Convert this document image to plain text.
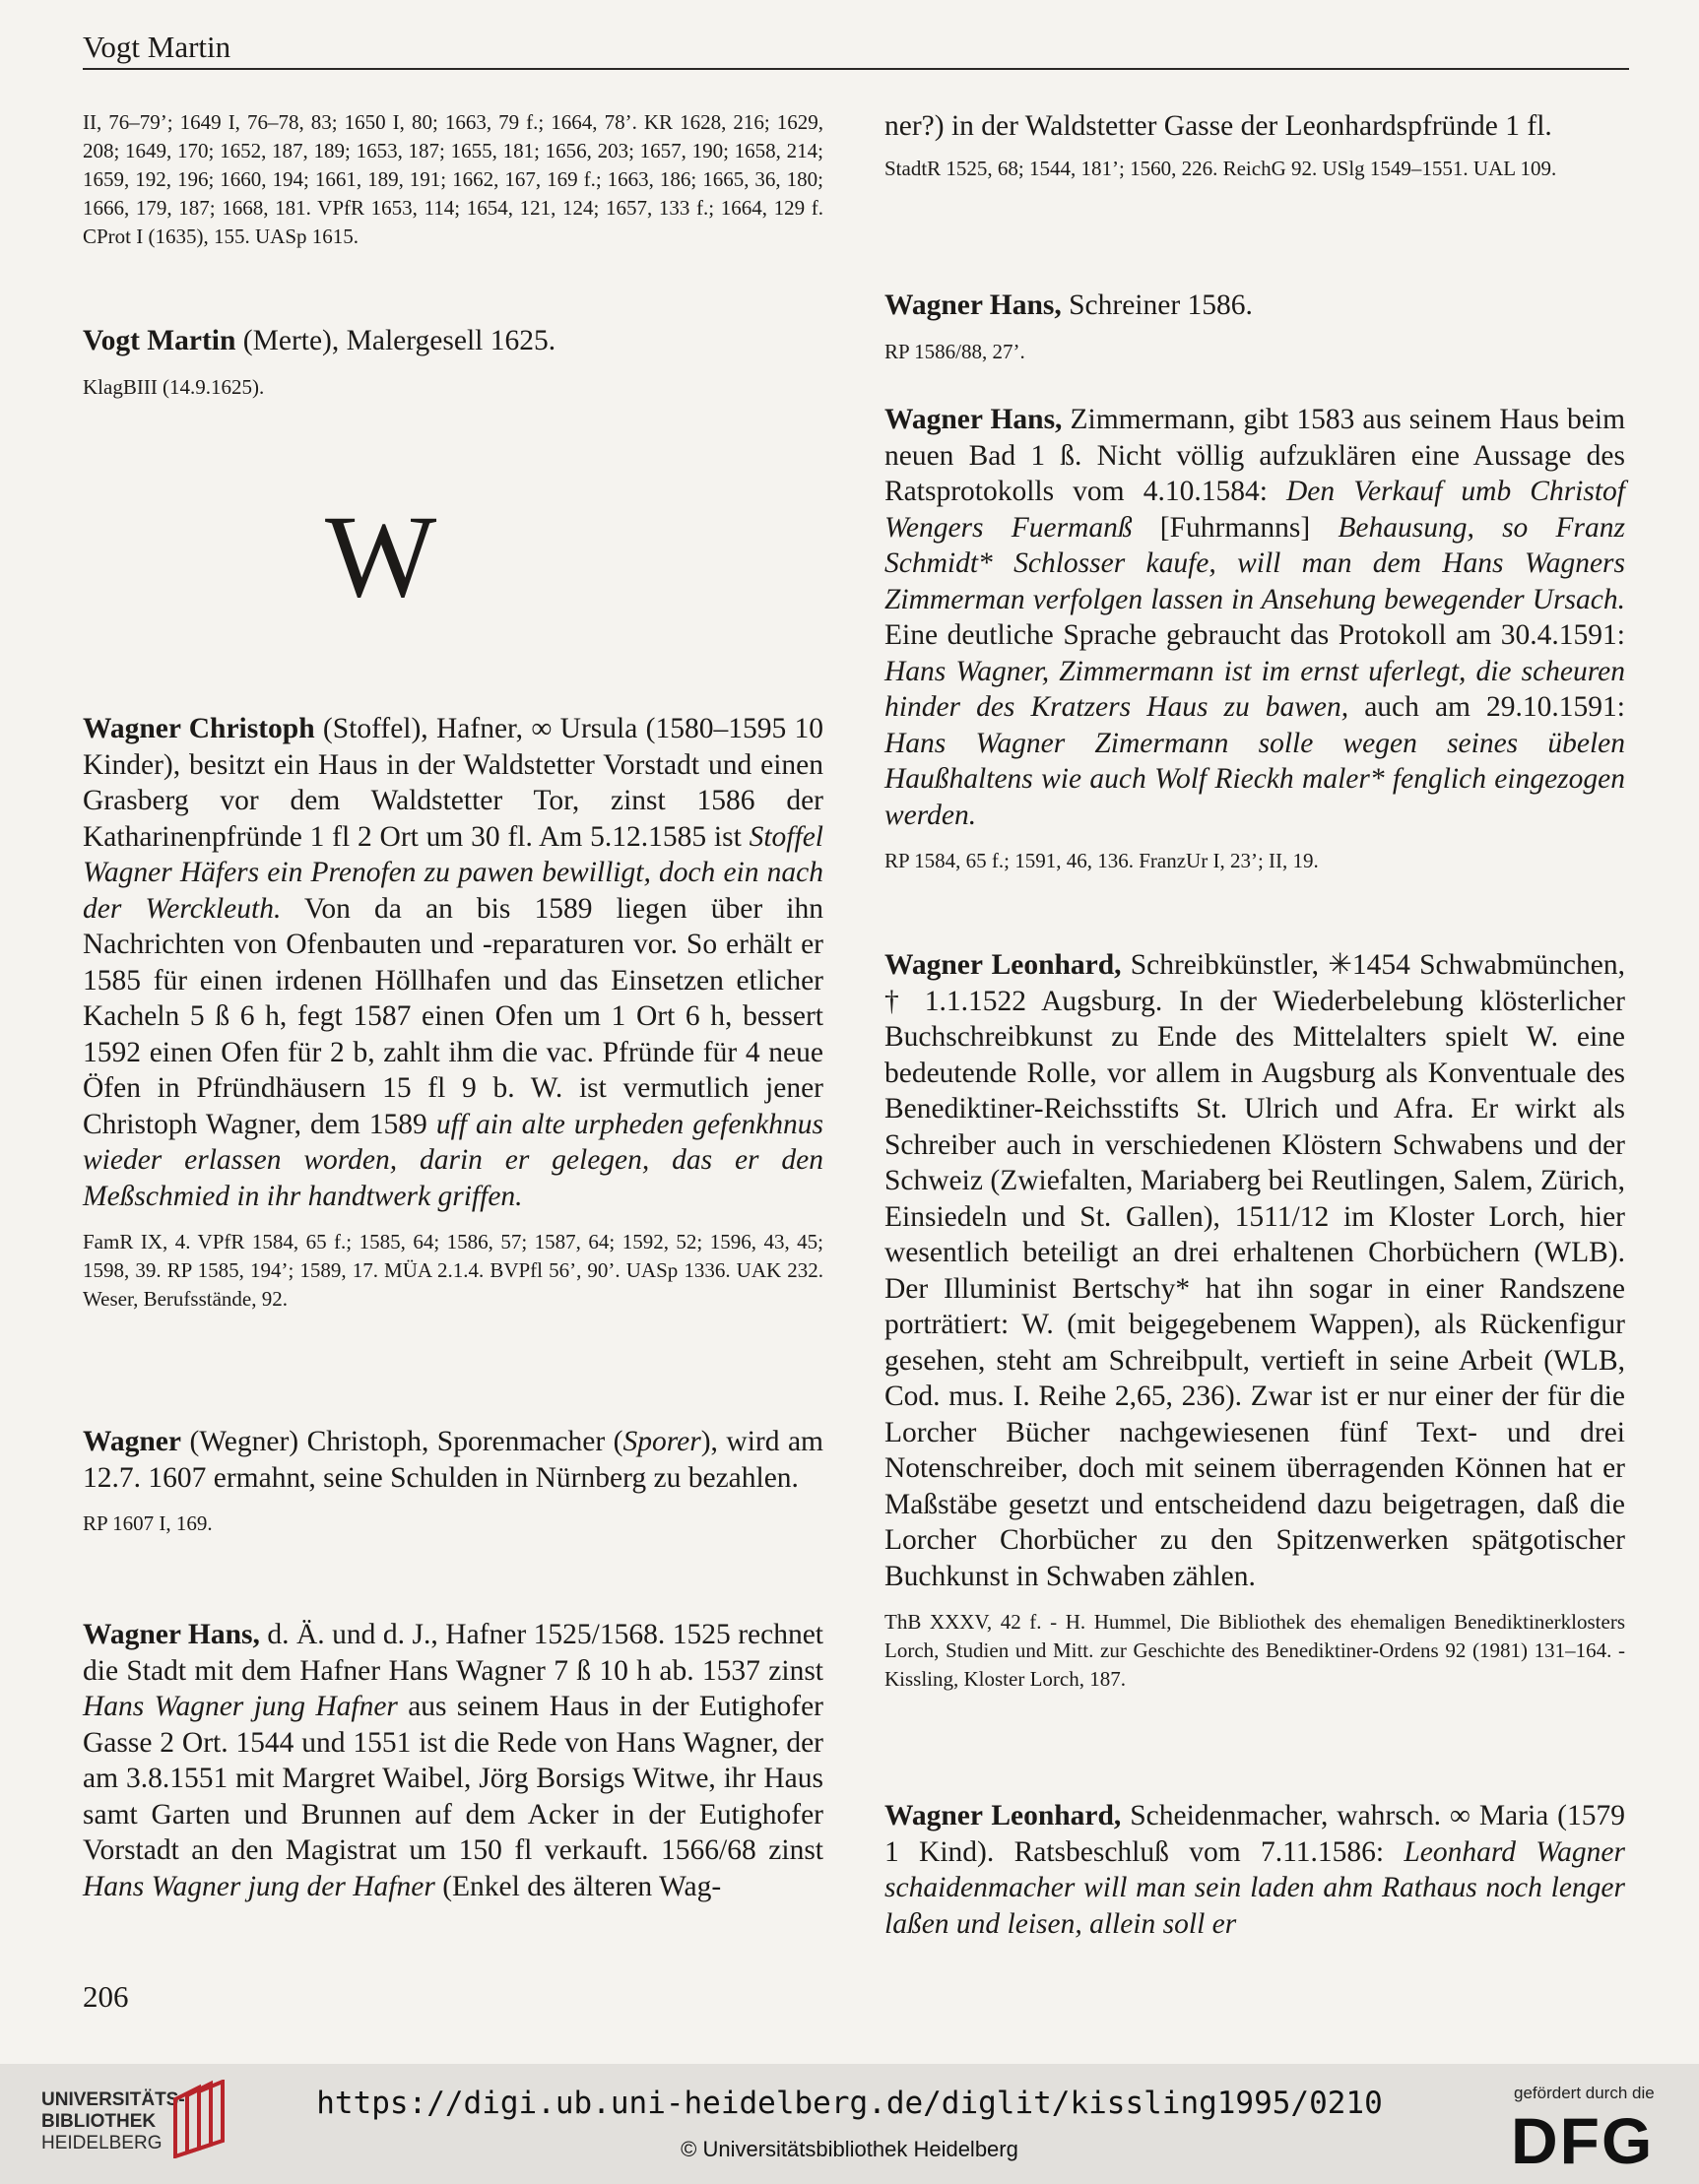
Vogt Martin

II, 76–79’; 1649 I, 76–78, 83; 1650 I, 80; 1663, 79 f.; 1664, 78’. KR 1628, 216; 1629, 208; 1649, 170; 1652, 187, 189; 1653, 187; 1655, 181; 1656, 203; 1657, 190; 1658, 214; 1659, 192, 196; 1660, 194; 1661, 189, 191; 1662, 167, 169 f.; 1663, 186; 1665, 36, 180; 1666, 179, 187; 1668, 181. VPfR 1653, 114; 1654, 121, 124; 1657, 133 f.; 1664, 129 f. CProt I (1635), 155. UASp 1615.

Vogt Martin (Merte), Malergesell 1625.

KlagBIII (14.9.1625).

Wagner Christoph (Stoffel), Hafner, ∞ Ursula (1580–1595 10 Kinder), besitzt ein Haus in der Waldstetter Vorstadt und einen Grasberg vor dem Waldstetter Tor, zinst 1586 der Katharinenpfründe 1 fl 2 Ort um 30 fl. Am 5.12.1585 ist Stoffel Wagner Häfers ein Prenofen zu pawen bewilligt, doch ein nach der Werckleuth. Von da an bis 1589 liegen über ihn Nachrichten von Ofenbauten und -reparaturen vor. So erhält er 1585 für einen irdenen Höllhafen und das Einsetzen etlicher Kacheln 5 ß 6 h, fegt 1587 einen Ofen um 1 Ort 6 h, bessert 1592 einen Ofen für 2 b, zahlt ihm die vac. Pfründe für 4 neue Öfen in Pfründhäusern 15 fl 9 b. W. ist vermutlich jener Christoph Wagner, dem 1589 uff ain alte urpheden gefenkhnus wieder erlassen worden, darin er gelegen, das er den Meßschmied in ihr handtwerk griffen.

FamR IX, 4. VPfR 1584, 65 f.; 1585, 64; 1586, 57; 1587, 64; 1592, 52; 1596, 43, 45; 1598, 39. RP 1585, 194’; 1589, 17. MÜA 2.1.4. BVPfl 56’, 90’. UASp 1336. UAK 232. Weser, Berufsstände, 92.

Wagner (Wegner) Christoph, Sporenmacher (Sporer), wird am 12.7. 1607 ermahnt, seine Schulden in Nürnberg zu bezahlen.

RP 1607 I, 169.

Wagner Hans, d. Ä. und d. J., Hafner 1525/1568. 1525 rechnet die Stadt mit dem Hafner Hans Wagner 7 ß 10 h ab. 1537 zinst Hans Wagner jung Hafner aus seinem Haus in der Eutighofer Gasse 2 Ort. 1544 und 1551 ist die Rede von Hans Wagner, der am 3.8.1551 mit Margret Waibel, Jörg Borsigs Witwe, ihr Haus samt Garten und Brunnen auf dem Acker in der Eutighofer Vorstadt an den Magistrat um 150 fl verkauft. 1566/68 zinst Hans Wagner jung der Hafner (Enkel des älteren Wag-

W

ner?) in der Waldstetter Gasse der Leonhardspfründe 1 fl.

StadtR 1525, 68; 1544, 181’; 1560, 226. ReichG 92. USlg 1549–1551. UAL 109.

Wagner Hans, Schreiner 1586.

RP 1586/88, 27’.

Wagner Hans, Zimmermann, gibt 1583 aus seinem Haus beim neuen Bad 1 ß. Nicht völlig aufzuklären eine Aussage des Ratsprotokolls vom 4.10.1584: Den Verkauf umb Christof Wengers Fuermanß [Fuhrmanns] Behausung, so Franz Schmidt* Schlosser kaufe, will man dem Hans Wagners Zimmerman verfolgen lassen in Ansehung bewegender Ursach. Eine deutliche Sprache gebraucht das Protokoll am 30.4.1591: Hans Wagner, Zimmermann ist im ernst uferlegt, die scheuren hinder des Kratzers Haus zu bawen, auch am 29.10.1591: Hans Wagner Zimermann solle wegen seines übelen Haußhaltens wie auch Wolf Rieckh maler* fenglich eingezogen werden.

RP 1584, 65 f.; 1591, 46, 136. FranzUr I, 23’; II, 19.

Wagner Leonhard, Schreibkünstler, ✳1454 Schwabmünchen, † 1.1.1522 Augsburg. In der Wiederbelebung klösterlicher Buchschreibkunst zu Ende des Mittelalters spielt W. eine bedeutende Rolle, vor allem in Augsburg als Konventuale des Benediktiner-Reichsstifts St. Ulrich und Afra. Er wirkt als Schreiber auch in verschiedenen Klöstern Schwabens und der Schweiz (Zwiefalten, Mariaberg bei Reutlingen, Salem, Zürich, Einsiedeln und St. Gallen), 1511/12 im Kloster Lorch, hier wesentlich beteiligt an drei erhaltenen Chorbüchern (WLB). Der Illuminist Bertschy* hat ihn sogar in einer Randszene porträtiert: W. (mit beigegebenem Wappen), als Rückenfigur gesehen, steht am Schreibpult, vertieft in seine Arbeit (WLB, Cod. mus. I. Reihe 2,65, 236). Zwar ist er nur einer der für die Lorcher Bücher nachgewiesenen fünf Text- und drei Notenschreiber, doch mit seinem überragenden Können hat er Maßstäbe gesetzt und entscheidend dazu beigetragen, daß die Lorcher Chorbücher zu den Spitzenwerken spätgotischer Buchkunst in Schwaben zählen.

ThB XXXV, 42 f. - H. Hummel, Die Bibliothek des ehemaligen Benediktinerklosters Lorch, Studien und Mitt. zur Geschichte des Benediktiner-Ordens 92 (1981) 131–164. - Kissling, Kloster Lorch, 187.

Wagner Leonhard, Scheidenmacher, wahrsch. ∞ Maria (1579 1 Kind). Ratsbeschluß vom 7.11.1586: Leonhard Wagner schaidenmacher will man sein laden ahm Rathaus noch lenger laßen und leisen, allein soll er

206
UNIVERSITÄTS-
BIBLIOTHEK
HEIDELBERG
https://digi.ub.uni-heidelberg.de/diglit/kissling1995/0210
© Universitätsbibliothek Heidelberg
gefördert durch die
DFG
